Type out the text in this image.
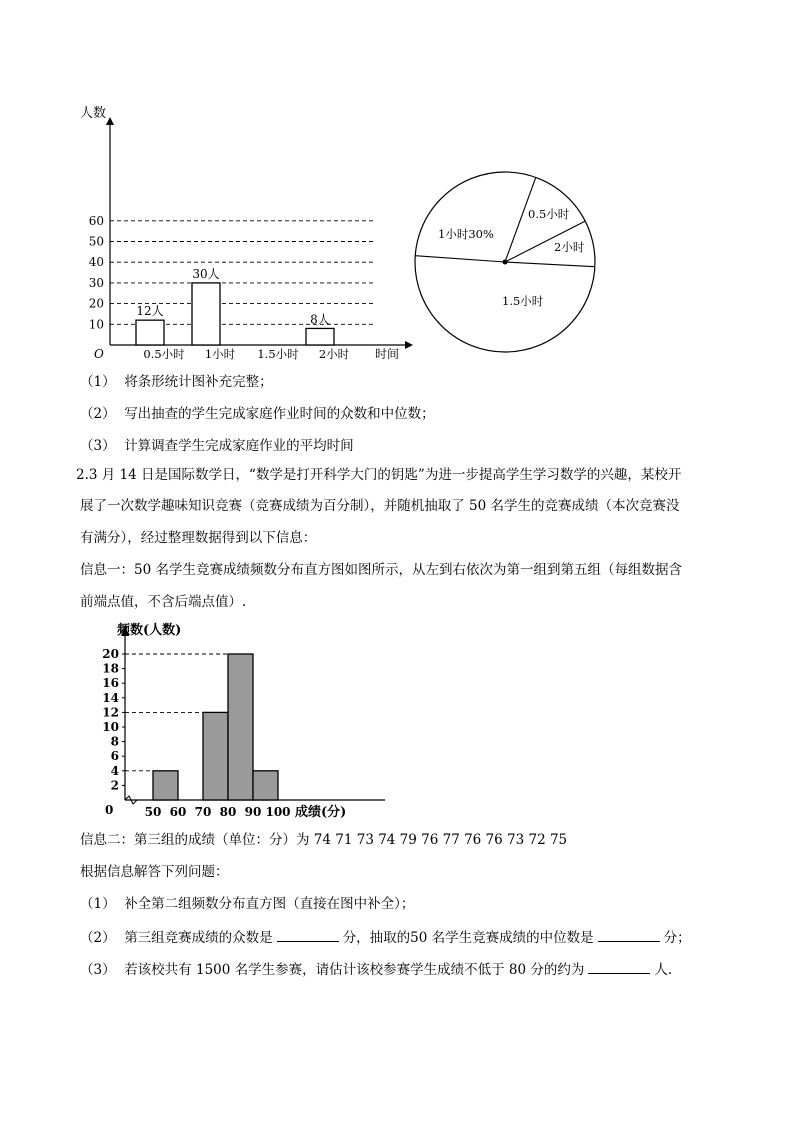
人数
时间
O
10
20
30
40
50
60
0.5小时
12人
1小时
30人
1.5小时 2小时
8人
1小时30%
0.5小时
2小时
1.5小时
（1） 将条形统计图补充完整；
（2） 写出抽查的学生完成家庭作业时间的众数和中位数；
（3） 计算调查学生完成家庭作业的平均时间
2.3 月 14 日是国际数学日，“数学是打开科学大门的钥匙”为进一步提高学生学习数学的兴趣，某校开
展了一次数学趣味知识竞赛（竞赛成绩为百分制），并随机抽取了 50 名学生的竞赛成绩（本次竞赛没
有满分），经过整理数据得到以下信息：
信息一：50 名学生竞赛成绩频数分布直方图如图所示，从左到右依次为第一组到第五组（每组数据含
前端点值，不含后端点值）.
频数(人数)
成绩(分)
0
2
4
6
8
10
12
14
16
18
20
50 60 70 80 90 100
信息二：第三组的成绩（单位：分）为 74 71 73 74 79 76 77 76 76 73 72 75
根据信息解答下列问题：
（1） 补全第二组频数分布直方图（直接在图中补全）；
（2） 第三组竞赛成绩的众数是	分，抽取的50 名学生竞赛成绩的中位数是	分；
（3） 若该校共有 1500 名学生参赛，请估计该校参赛学生成绩不低于 80 分的约为	人.
